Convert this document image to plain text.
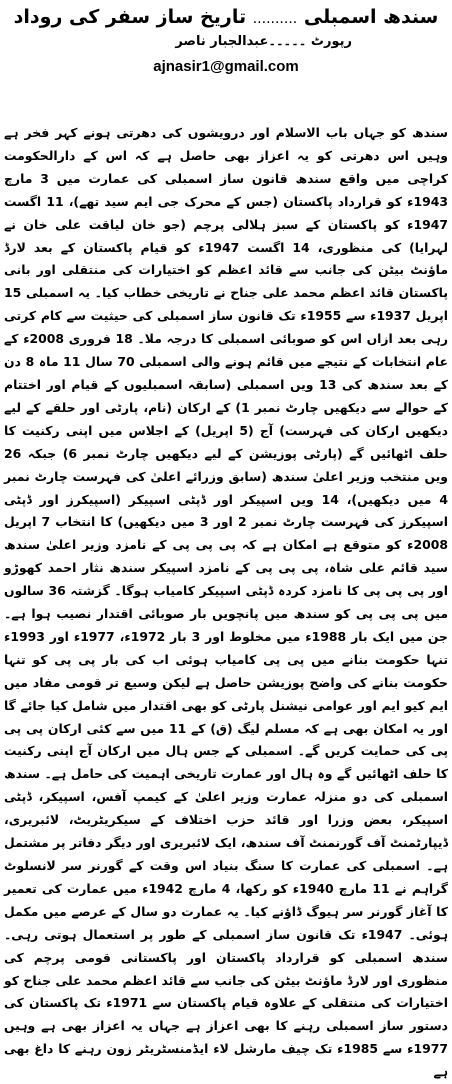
سندھ اسمبلی .......... تاریخ ساز سفر کی روداد
رپورٹ ۔۔۔۔۔عبدالجبار ناصر
ajnasir1@gmail.com
سندھ کو جہاں باب الاسلام اور درویشوں کی دھرتی ہونے کہر فخر ہے وہیں اس دھرتی کو یہ اعزاز بھی حاصل ہے کہ اس کے دارالحکومت کراچی میں واقع سندھ قانون ساز اسمبلی کی عمارت میں 3 مارچ 1943ء کو قرارداد پاکستان (جس کے محرک جی ایم سید تھے)، 11 اگست 1947ء کو پاکستان کے سبز ہلالی پرچم (جو خان لیاقت علی خان نے لہرایا) کی منظوری، 14 اگست 1947ء کو قیام پاکستان کے بعد لارڈ ماؤنٹ بیٹن کی جانب سے قائد اعظم کو اختیارات کی منتقلی اور بانی پاکستان قائد اعظم محمد علی جناح نے تاریخی خطاب کیا۔ یہ اسمبلی 15 اپریل 1937ء سے 1955ء تک قانون ساز اسمبلی کی حیثیت سے کام کرتی رہی بعد ازاں اس کو صوبائی اسمبلی کا درجہ ملا۔ 18 فروری 2008ء کے عام انتخابات کے نتیجے میں قائم ہونے والی اسمبلی 70 سال 11 ماہ 8 دن کے بعد سندھ کی 13 ویں اسمبلی (سابقہ اسمبلیوں کے قیام اور اختتام کے حوالے سے دیکھیں چارٹ نمبر 1) کے ارکان (نام، پارٹی اور حلقے کے لیے دیکھیں ارکان کی فہرست) آج (5 اپریل) کے اجلاس میں اپنی رکنیت کا حلف اٹھائیں گے (پارٹی پوزیشن کے لیے دیکھیں چارٹ نمبر 6) جبکہ 26 ویں منتخب وزیر اعلیٰ سندھ (سابق وزرائے اعلیٰ کی فہرست چارٹ نمبر 4 میں دیکھیں)، 14 ویں اسپیکر اور ڈپٹی اسپیکر (اسپیکرز اور ڈپٹی اسپیکرز کی فہرست چارٹ نمبر 2 اور 3 میں دیکھیں) کا انتخاب 7 اپریل 2008ء کو متوقع ہے امکان ہے کہ پی پی پی کے نامزد وزیر اعلیٰ سندھ سید قائم علی شاہ، پی پی پی کے نامزد اسپیکر سندھ نثار احمد کھوڑو اور پی پی پی کا نامزد کردہ ڈپٹی اسپیکر کامیاب ہوگا۔ گزشتہ 36 سالوں میں پی پی پی کو سندھ میں پانچویں بار صوبائی اقتدار نصیب ہوا ہے۔ جن میں ایک بار 1988ء میں مخلوط اور 3 بار 1972ء، 1977ء اور 1993ء تنہا حکومت بنانے میں پی پی کامیاب ہوئی اب کی بار پی پی کو تنہا حکومت بنانے کی واضح پوزیشن حاصل ہے لیکن وسیع تر قومی مفاد میں ایم کیو ایم اور عوامی نیشنل پارٹی کو بھی اقتدار میں شامل کیا جائے گا اور یہ امکان بھی ہے کہ مسلم لیگ (ق) کے 11 میں سے کئی ارکان پی پی پی کی حمایت کریں گے۔ اسمبلی کے جس ہال میں ارکان آج اپنی رکنیت کا حلف اٹھائیں گے وہ ہال اور عمارت تاریخی اہمیت کی حامل ہے۔ سندھ اسمبلی کی دو منزلہ عمارت وزیر اعلیٰ کے کیمپ آفس، اسپیکر، ڈپٹی اسپیکر، بعض وزرا اور قائد حزب اختلاف کے سیکریٹریٹ، لائبریری، ڈیپارٹمنٹ آف گورنمنٹ آف سندھ، ایک لائبریری اور دیگر دفاتر پر مشتمل ہے۔ اسمبلی کی عمارت کا سنگ بنیاد اس وقت کے گورنر سر لانسلوٹ گراہم نے 11 مارچ 1940ء کو رکھا، 4 مارچ 1942ء میں عمارت کی تعمیر کا آغاز گورنر سر ہیوگ ڈاؤنے کیا۔ یہ عمارت دو سال کے عرصے میں مکمل ہوئی۔ 1947ء تک قانون ساز اسمبلی کے طور پر استعمال ہوتی رہی۔ سندھ اسمبلی کو قرارداد پاکستان اور پاکستانی قومی پرچم کی منظوری اور لارڈ ماؤنٹ بیٹن کی جانب سے قائد اعظم محمد علی جناح کو اختیارات کی منتقلی کے علاوہ قیام پاکستان سے 1971ء تک پاکستان کی دستور ساز اسمبلی رہنے کا بھی اعزاز ہے جہاں یہ اعزاز بھی ہے وہیں 1977ء سے 1985ء تک چیف مارشل لاء ایڈمنسٹریٹر زون رہنے کا داغ بھی ہے
